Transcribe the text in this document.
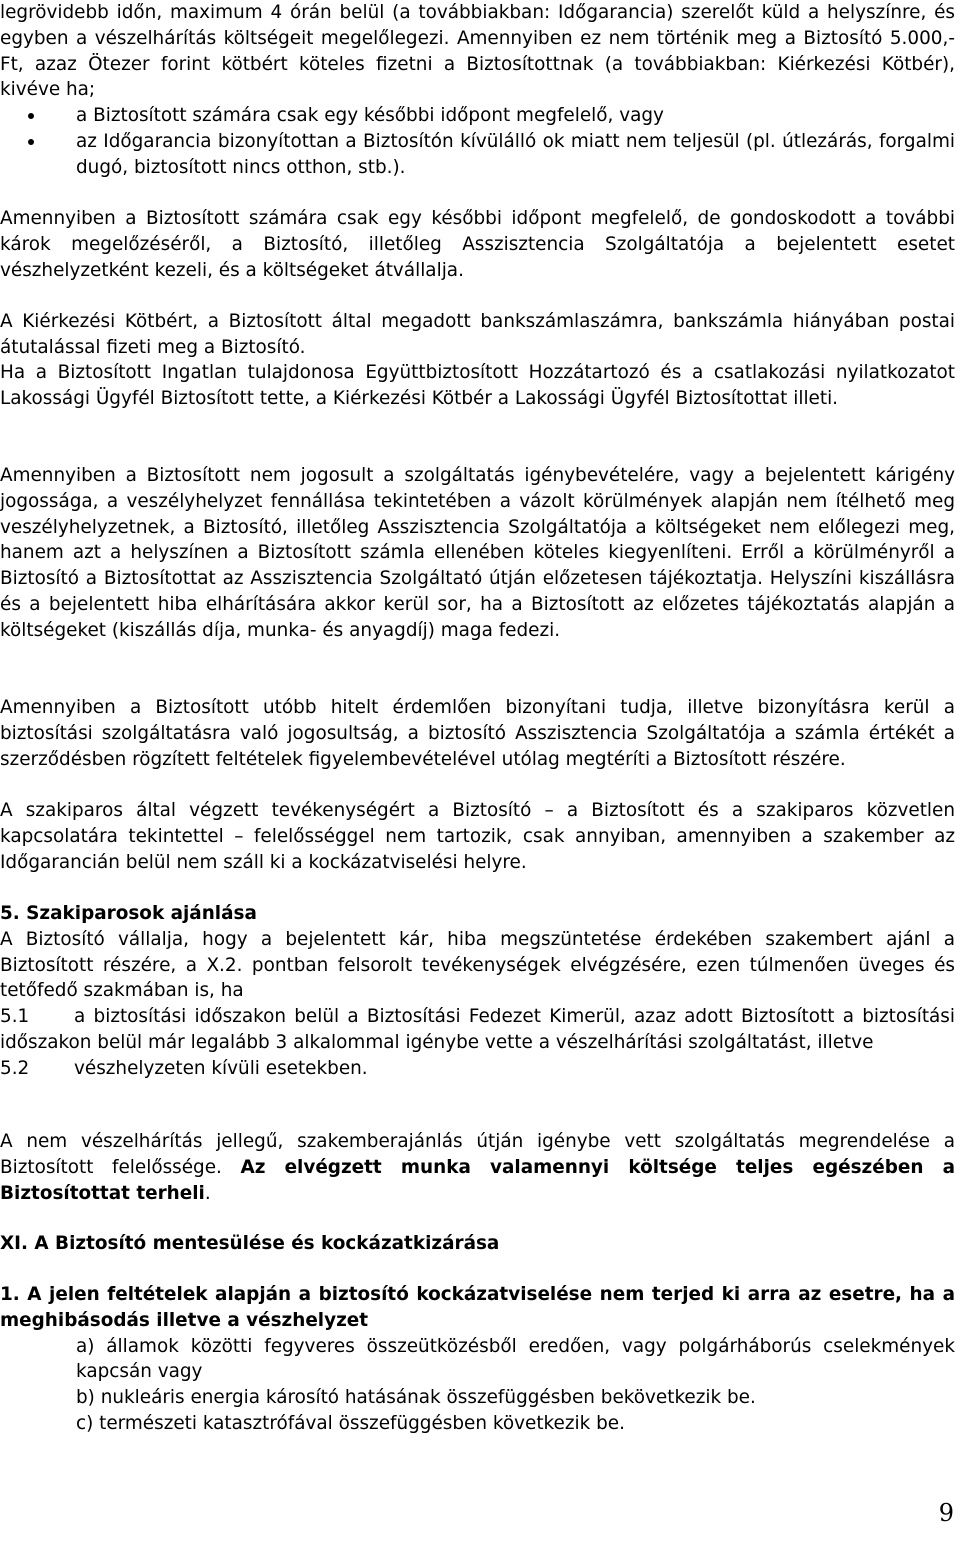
legrövidebb időn, maximum 4 órán belül (a továbbiakban: Időgarancia) szerelőt küld a helyszínre, és egyben a vészelhárítás költségeit megelőlegezi. Amennyiben ez nem történik meg a Biztosító 5.000,- Ft, azaz Ötezer forint kötbért köteles fizetni a Biztosítottnak (a továbbiakban: Kiérkezési Kötbér), kivéve ha;

a Biztosított számára csak egy későbbi időpont megfelelő, vagy
az Időgarancia bizonyítottan a Biztosítón kívülálló ok miatt nem teljesül (pl. útlezárás, forgalmi dugó, biztosított nincs otthon, stb.).

Amennyiben a Biztosított számára csak egy későbbi időpont megfelelő, de gondoskodott a további károk megelőzéséről, a Biztosító, illetőleg Asszisztencia Szolgáltatója a bejelentett esetet vészhelyzetként kezeli, és a költségeket átvállalja.

A Kiérkezési Kötbért, a Biztosított által megadott bankszámlaszámra, bankszámla hiányában postai átutalással fizeti meg a Biztosító.

Ha a Biztosított Ingatlan tulajdonosa Együttbiztosított Hozzátartozó és a csatlakozási nyilatkozatot Lakossági Ügyfél Biztosított tette, a Kiérkezési Kötbér a Lakossági Ügyfél Biztosítottat illeti.

Amennyiben a Biztosított nem jogosult a szolgáltatás igénybevételére, vagy a bejelentett kárigény jogossága, a veszélyhelyzet fennállása tekintetében a vázolt körülmények alapján nem ítélhető meg veszélyhelyzetnek, a Biztosító, illetőleg Asszisztencia Szolgáltatója a költségeket nem előlegezi meg, hanem azt a helyszínen a Biztosított számla ellenében köteles kiegyenlíteni. Erről a körülményről a Biztosító a Biztosítottat az Asszisztencia Szolgáltató útján előzetesen tájékoztatja. Helyszíni kiszállásra és a bejelentett hiba elhárítására akkor kerül sor, ha a Biztosított az előzetes tájékoztatás alapján a költségeket (kiszállás díja, munka- és anyagdíj) maga fedezi.

Amennyiben a Biztosított utóbb hitelt érdemlően bizonyítani tudja, illetve bizonyításra kerül a biztosítási szolgáltatásra való jogosultság, a biztosító Asszisztencia Szolgáltatója a számla értékét a szerződésben rögzített feltételek figyelembevételével utólag megtéríti a Biztosított részére.

A szakiparos által végzett tevékenységért a Biztosító – a Biztosított és a szakiparos közvetlen kapcsolatára tekintettel – felelősséggel nem tartozik, csak annyiban, amennyiben a szakember az Időgarancián belül nem száll ki a kockázatviselési helyre.

5. Szakiparosok ajánlása

A Biztosító vállalja, hogy a bejelentett kár, hiba megszüntetése érdekében szakembert ajánl a Biztosított részére, a X.2. pontban felsorolt tevékenységek elvégzésére, ezen túlmenően üveges és tetőfedő szakmában is, ha

5.1 a biztosítási időszakon belül a Biztosítási Fedezet Kimerül, azaz adott Biztosított a biztosítási időszakon belül már legalább 3 alkalommal igénybe vette a vészelhárítási szolgáltatást, illetve

5.2 vészhelyzeten kívüli esetekben.

A nem vészelhárítás jellegű, szakemberajánlás útján igénybe vett szolgáltatás megrendelése a Biztosított felelőssége. Az elvégzett munka valamennyi költsége teljes egészében a Biztosítottat terheli.

XI. A Biztosító mentesülése és kockázatkizárása

1. A jelen feltételek alapján a biztosító kockázatviselése nem terjed ki arra az esetre, ha a meghibásodás illetve a vészhelyzet

a) államok közötti fegyveres összeütközésből eredően, vagy polgárháborús cselekmények kapcsán vagy

b) nukleáris energia károsító hatásának összefüggésben bekövetkezik be.

c) természeti katasztrófával összefüggésben következik be.

9
